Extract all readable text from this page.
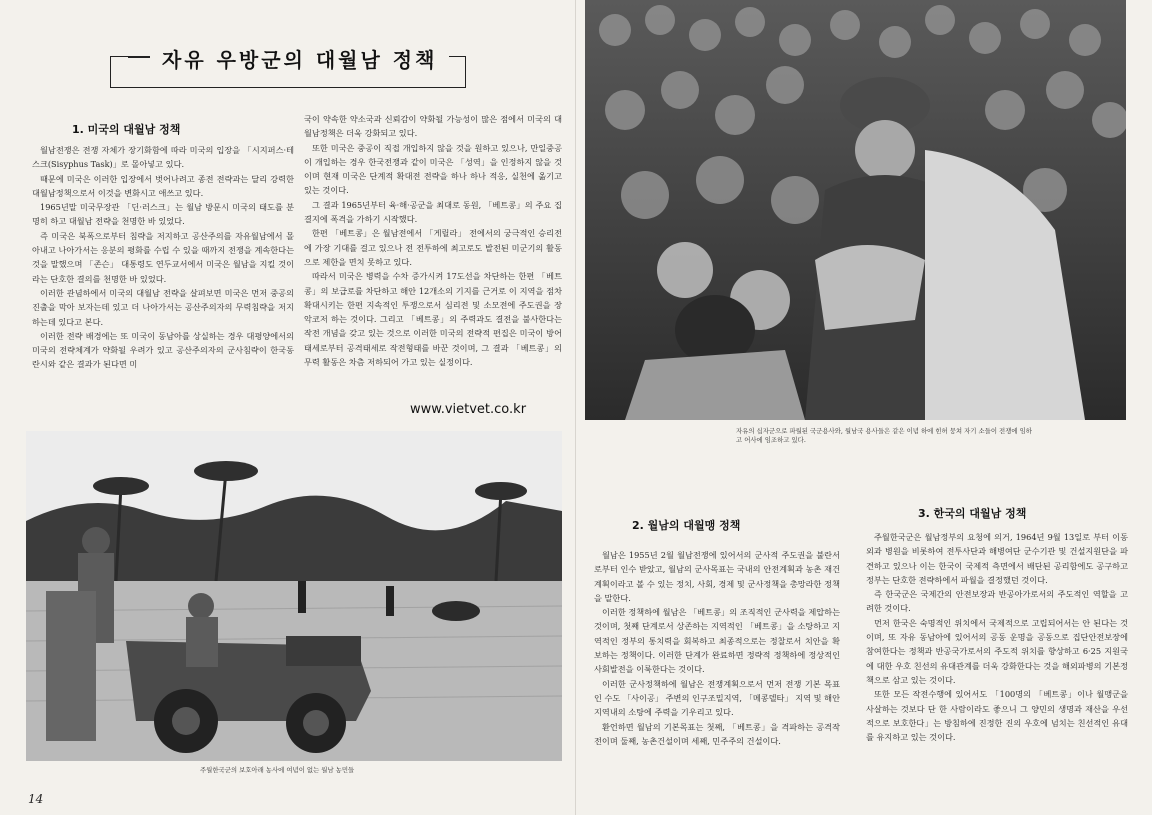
자유 우방군의 대월남 정책
1. 미국의 대월남 정책

월남전쟁은 전쟁 자체가 장기화함에 따라 미국의 입장을 「시지퍼스·테스크(Sisyphus Task)」로 몰아넣고 있다.

때문에 미국은 이러한 입장에서 벗어나려고 종전 전략과는 달리 강력한 대월남정책으로서 이것을 변화시고 애쓰고 있다.

1965년말 미국무장관 「딘·러스크」는 월남 방문시 미국의 태도를 분명히 하고 대월남 전략을 천명한 바 있었다.

즉 미국은 북폭으로부터 침략을 저지하고 공산주의를 자유월남에서 몰아내고 나아가서는 응분의 평화를 수립 수 있을 때까지 전쟁을 계속한다는 것을 말했으며 「존슨」 대통령도 연두교서에서 미국은 월남을 지킬 것이라는 단호한 결의를 천명한 바 있었다.

이러한 관념하에서 미국의 대월남 전략을 살펴보면 미국은 먼저 중공의 진출을 막아 보자는데 있고 더 나아가서는 공산주의자의 무력침략을 저지하는데 있다고 본다.

이러한 전략 배경에는 또 미국이 동남아를 상실하는 경우 대평양에서의 미국의 전략체계가 약화될 우려가 있고 공산주의자의 군사침략이 한국동란시와 같은 결과가 된다면 미

국이 약속한 약소국과 신뢰감이 약화될 가능성이 많은 점에서 미국의 대월남정책은 더욱 강화되고 있다.

또한 미국은 중공이 직접 개입하지 않을 것을 원하고 있으나, 만일중공이 개입하는 경우 한국전쟁과 같이 미국은 「성역」을 인정하지 않을 것이며 현재 미국은 단계적 확대전 전략을 하나 하나 적응, 실천에 옮기고 있는 것이다.

그 결과 1965년부터 육·해·공군을 최대로 동원, 「베트콩」의 주요 집결지에 폭격을 가하기 시작했다.

한편 「베트콩」은 월남전에서 「게릴라」 전에서의 궁극적인 승리전에 가장 기대를 걸고 있으나 전 전투하에 최고로도 발전된 미군기의 활동으로 제한을 면치 못하고 있다.

따라서 미국은 병력을 수차 증가시켜 17도선을 차단하는 한편 「베트콩」의 보급로를 차단하고 해안 12개소의 기지를 근거로 이 지역을 점차 확대시키는 한편 지속적인 투쟁으로서 심리전 및 소모전에 주도권을 장악코저 하는 것이다. 그리고 「베트콩」의 주력과도 결전을 불사한다는 작전 개념을 갖고 있는 것으로 이러한 미국의 전략적 편집은 미국이 방어태세로부터 공격태세로 작전형태를 바꾼 것이며, 그 결과 「베트콩」의 무력 활동은 차츰 저하되어 가고 있는 실정이다.

www.vietvet.co.kr
자유의 십자군으로 파월된 국군용사와, 월남국 용사들은 같은 이념 하에 힌허 뭉쳐 자기 소들이 전쟁에 임하고 어사에 임조하고 있다.
주월한국군의 보호아래 농사에 여념이 없는 월남 농민들
2. 월남의 대월맹 정책

월남은 1955년 2월 월남전쟁에 있어서의 군사적 주도권을 불란서로부터 인수 받았고, 월남의 군사목표는 국내의 안전계획과 농촌 재건계획이라고 볼 수 있는 정치, 사회, 경제 및 군사정책을 총망라한 정책을 말한다.

이러한 정책하에 월남은 「베트콩」의 조직적인 군사력을 제압하는 것이며, 첫째 단계로서 상존하는 지역적인 「베트콩」을 소탕하고 지역적인 정부의 통치력을 회복하고 최종적으로는 정찰로서 치안을 확보하는 정책이다. 이러한 단계가 완료하면 정략적 정책하에 정상적인 사회발전을 이룩한다는 것이다.

이러한 군사정책하에 월남은 전쟁계획으로서 먼저 전쟁 기본 목표인 수도 「사이공」 주변의 인구조밀지역, 「메콩델타」 지역 및 해안 지역내의 소탕에 주력을 기우리고 있다.

환언하면 월남의 기본목표는 첫째, 「베트콩」을 격파하는 공격작전이며 둘째, 농촌건설이며 세째, 민주주의 건설이다.

3. 한국의 대월남 정책

주월한국군은 월남정부의 요청에 의거, 1964년 9월 13일로 부터 이동외과 병원을 비롯하여 전투사단과 해병여단 군수기관 및 건설지원단을 파견하고 있으나 이는 한국이 국제적 측면에서 배단된 공리함에도 공구하고 정부는 단호한 전략하에서 파월을 결정했던 것이다.

즉 한국군은 국제간의 안전보장과 반공아가로서의 주도적인 역할을 고려한 것이다.

먼저 한국은 숙명적인 위치에서 국제적으로 고립되어서는 안 된다는 것이며, 또 자유 동남아에 있어서의 공동 운명을 공동으로 집단안전보장에 참여한다는 정책과 반공국가로서의 주도적 위치를 향상하고 6·25 지원국에 대한 우호 친선의 유대관계를 더욱 강화한다는 것을 해외파병의 기본정책으로 삼고 있는 것이다.

또한 모든 작전수행에 있어서도 「100명의 「베트콩」이나 월맹군을 사살하는 것보다 단 한 사람이라도 좋으니 그 양민의 생명과 재산을 우선적으로 보호한다」는 방침하에 진정한 진의 우호에 넘치는 친선적인 유대를 유지하고 있는 것이다.

14
